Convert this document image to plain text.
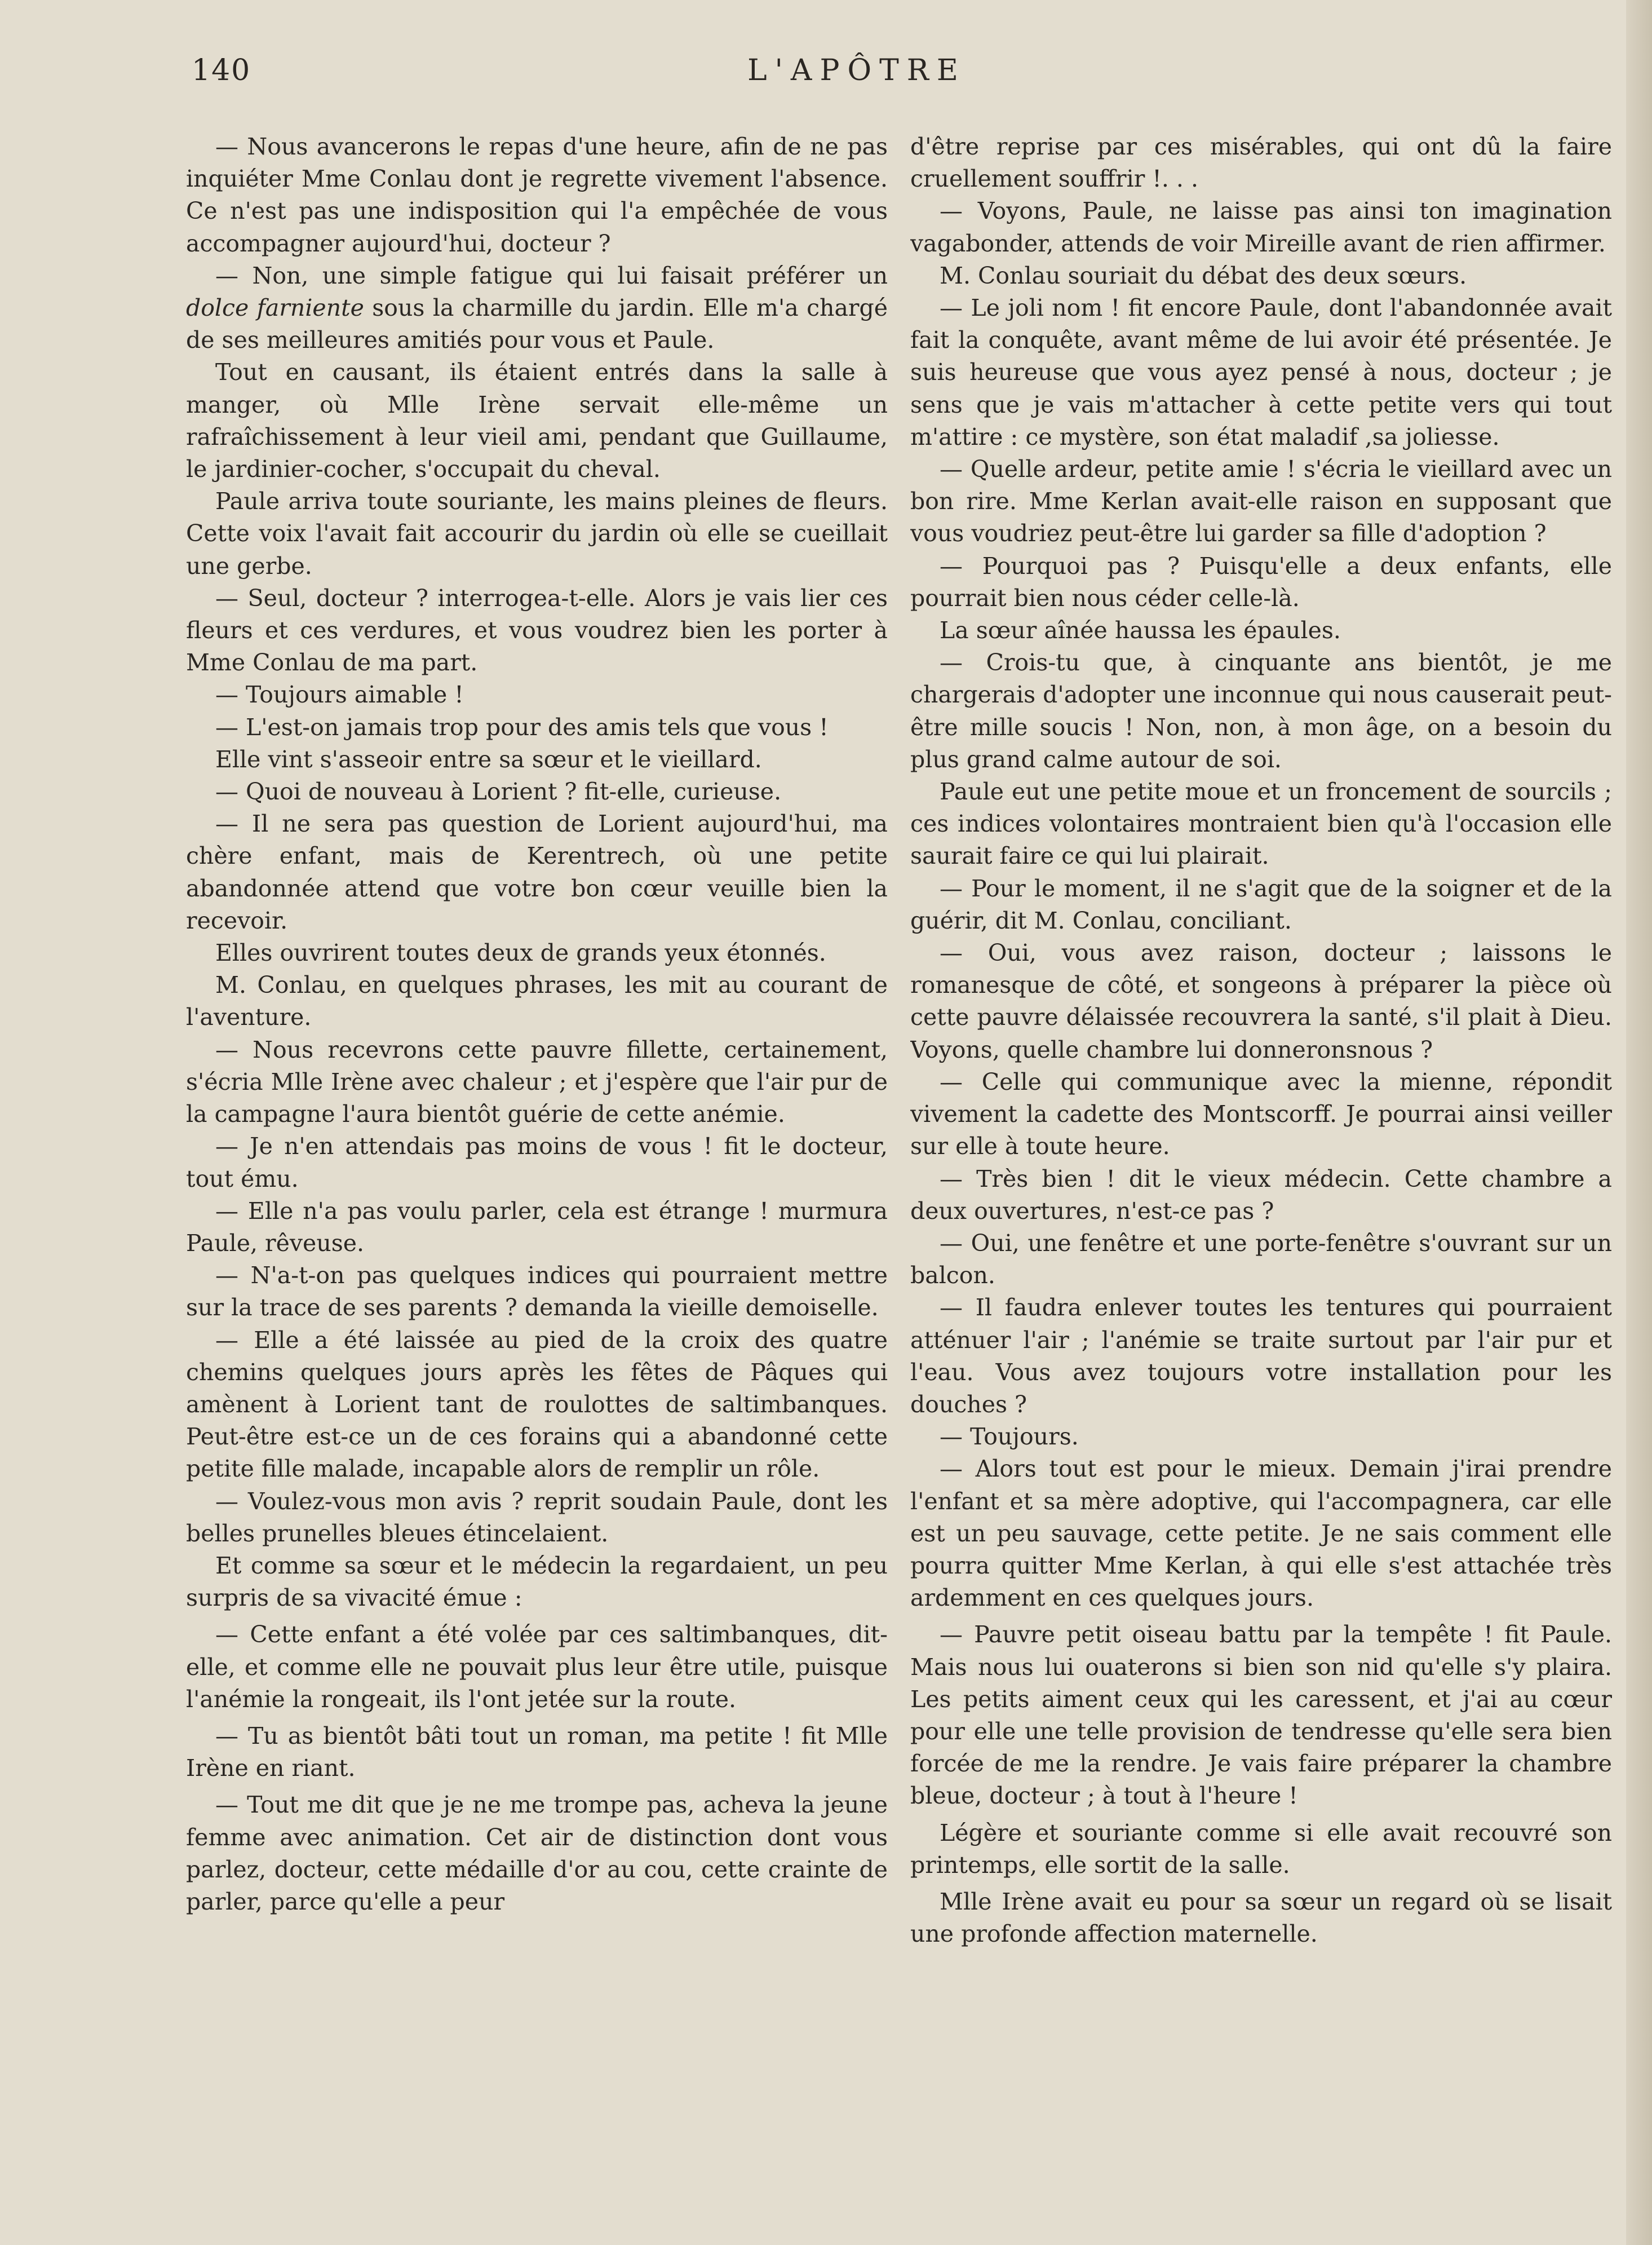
140	L'APÔTRE

— Nous avancerons le repas d'une heure, afin de ne pas inquiéter Mme Conlau dont je regrette vivement l'absence. Ce n'est pas une indisposition qui l'a empêchée de vous accompagner aujourd'hui, docteur ?

— Non, une simple fatigue qui lui faisait préférer un dolce farniente sous la charmille du jardin. Elle m'a chargé de ses meilleures amitiés pour vous et Paule.

Tout en causant, ils étaient entrés dans la salle à manger, où Mlle Irène servait elle-même un rafraîchissement à leur vieil ami, pendant que Guillaume, le jardinier-cocher, s'occupait du cheval.

Paule arriva toute souriante, les mains pleines de fleurs. Cette voix l'avait fait accourir du jardin où elle se cueillait une gerbe.

— Seul, docteur ? interrogea-t-elle. Alors je vais lier ces fleurs et ces verdures, et vous voudrez bien les porter à Mme Conlau de ma part.

— Toujours aimable !

— L'est-on jamais trop pour des amis tels que vous !

Elle vint s'asseoir entre sa sœur et le vieillard.

— Quoi de nouveau à Lorient ? fit-elle, curieuse.

— Il ne sera pas question de Lorient aujourd'hui, ma chère enfant, mais de Kerentrech, où une petite abandonnée attend que votre bon cœur veuille bien la recevoir.

Elles ouvrirent toutes deux de grands yeux étonnés.

M. Conlau, en quelques phrases, les mit au courant de l'aventure.

— Nous recevrons cette pauvre fillette, certainement, s'écria Mlle Irène avec chaleur ; et j'espère que l'air pur de la campagne l'aura bientôt guérie de cette anémie.

— Je n'en attendais pas moins de vous ! fit le docteur, tout ému.

— Elle n'a pas voulu parler, cela est étrange ! murmura Paule, rêveuse.

— N'a-t-on pas quelques indices qui pourraient mettre sur la trace de ses parents ? demanda la vieille demoiselle.

— Elle a été laissée au pied de la croix des quatre chemins quelques jours après les fêtes de Pâques qui amènent à Lorient tant de roulottes de saltimbanques. Peut-être est-ce un de ces forains qui a abandonné cette petite fille malade, incapable alors de remplir un rôle.

— Voulez-vous mon avis ? reprit soudain Paule, dont les belles prunelles bleues étincelaient.

Et comme sa sœur et le médecin la regardaient, un peu surpris de sa vivacité émue :

— Cette enfant a été volée par ces saltimbanques, dit-elle, et comme elle ne pouvait plus leur être utile, puisque l'anémie la rongeait, ils l'ont jetée sur la route.

— Tu as bientôt bâti tout un roman, ma petite ! fit Mlle Irène en riant.

— Tout me dit que je ne me trompe pas, acheva la jeune femme avec animation. Cet air de distinction dont vous parlez, docteur, cette médaille d'or au cou, cette crainte de parler, parce qu'elle a peur

d'être reprise par ces misérables, qui ont dû la faire cruellement souffrir !. . .

— Voyons, Paule, ne laisse pas ainsi ton imagination vagabonder, attends de voir Mireille avant de rien affirmer.

M. Conlau souriait du débat des deux sœurs.

— Le joli nom ! fit encore Paule, dont l'abandonnée avait fait la conquête, avant même de lui avoir été présentée. Je suis heureuse que vous ayez pensé à nous, docteur ; je sens que je vais m'attacher à cette petite vers qui tout m'attire : ce mystère, son état maladif ,sa joliesse.

— Quelle ardeur, petite amie ! s'écria le vieillard avec un bon rire. Mme Kerlan avait-elle raison en supposant que vous voudriez peut-être lui garder sa fille d'adoption ?

— Pourquoi pas ? Puisqu'elle a deux enfants, elle pourrait bien nous céder celle-là.

La sœur aînée haussa les épaules.

— Crois-tu que, à cinquante ans bientôt, je me chargerais d'adopter une inconnue qui nous causerait peut-être mille soucis ! Non, non, à mon âge, on a besoin du plus grand calme autour de soi.

Paule eut une petite moue et un froncement de sourcils ; ces indices volontaires montraient bien qu'à l'occasion elle saurait faire ce qui lui plairait.

— Pour le moment, il ne s'agit que de la soigner et de la guérir, dit M. Conlau, conciliant.

— Oui, vous avez raison, docteur ; laissons le romanesque de côté, et songeons à préparer la pièce où cette pauvre délaissée recouvrera la santé, s'il plait à Dieu. Voyons, quelle chambre lui donneronsnous ?

— Celle qui communique avec la mienne, répondit vivement la cadette des Montscorff. Je pourrai ainsi veiller sur elle à toute heure.

— Très bien ! dit le vieux médecin. Cette chambre a deux ouvertures, n'est-ce pas ?

— Oui, une fenêtre et une porte-fenêtre s'ouvrant sur un balcon.

— Il faudra enlever toutes les tentures qui pourraient atténuer l'air ; l'anémie se traite surtout par l'air pur et l'eau. Vous avez toujours votre installation pour les douches ?

— Toujours.

— Alors tout est pour le mieux. Demain j'irai prendre l'enfant et sa mère adoptive, qui l'accompagnera, car elle est un peu sauvage, cette petite. Je ne sais comment elle pourra quitter Mme Kerlan, à qui elle s'est attachée très ardemment en ces quelques jours.

— Pauvre petit oiseau battu par la tempête ! fit Paule. Mais nous lui ouaterons si bien son nid qu'elle s'y plaira. Les petits aiment ceux qui les caressent, et j'ai au cœur pour elle une telle provision de tendresse qu'elle sera bien forcée de me la rendre. Je vais faire préparer la chambre bleue, docteur ; à tout à l'heure !

Légère et souriante comme si elle avait recouvré son printemps, elle sortit de la salle.

Mlle Irène avait eu pour sa sœur un regard où se lisait une profonde affection maternelle.
